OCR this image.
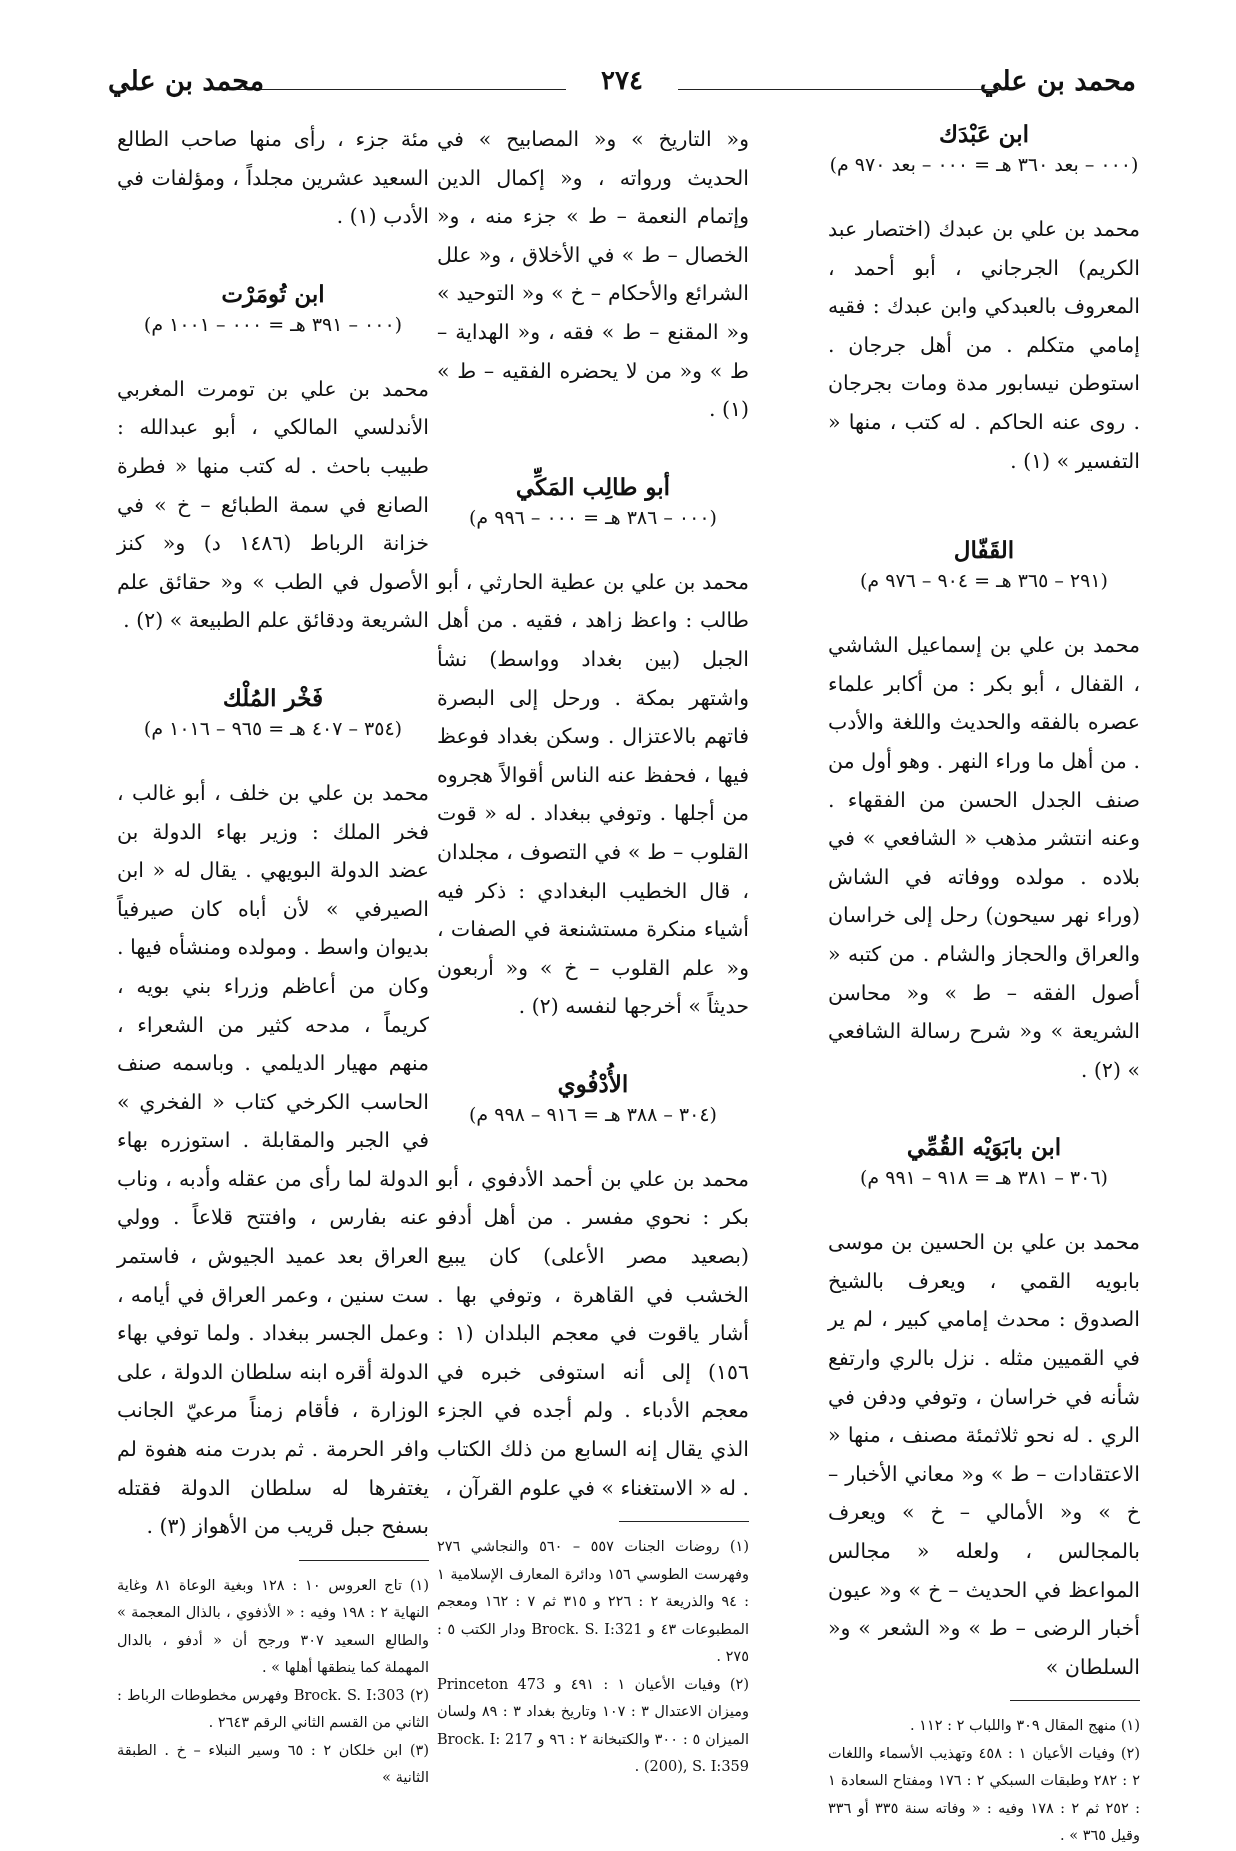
محمد بن علي
٢٧٤
محمد بن علي

ابن عَبْدَك

(٠٠٠ – بعد ٣٦٠ هـ = ٠٠٠ – بعد ٩٧٠ م)

محمد بن علي بن عبدك (اختصار عبد الكريم) الجرجاني ، أبو أحمد ، المعروف بالعبدكي وابن عبدك : فقيه إمامي متكلم . من أهل جرجان . استوطن نيسابور مدة ومات بجرجان . روى عنه الحاكم . له كتب ، منها « التفسير » (١) .

القَفّال

(٢٩١ – ٣٦٥ هـ = ٩٠٤ – ٩٧٦ م)

محمد بن علي بن إسماعيل الشاشي ، القفال ، أبو بكر : من أكابر علماء عصره بالفقه والحديث واللغة والأدب . من أهل ما وراء النهر . وهو أول من صنف الجدل الحسن من الفقهاء . وعنه انتشر مذهب « الشافعي » في بلاده . مولده ووفاته في الشاش (وراء نهر سيحون) رحل إلى خراسان والعراق والحجاز والشام . من كتبه « أصول الفقه – ط » و« محاسن الشريعة » و« شرح رسالة الشافعي » (٢) .

ابن بابَوَيْه القُمِّي

(٣٠٦ – ٣٨١ هـ = ٩١٨ – ٩٩١ م)

محمد بن علي بن الحسين بن موسى بابويه القمي ، ويعرف بالشيخ الصدوق : محدث إمامي كبير ، لم ير في القميين مثله . نزل بالري وارتفع شأنه في خراسان ، وتوفي ودفن في الري . له نحو ثلاثمئة مصنف ، منها « الاعتقادات – ط » و« معاني الأخبار – خ » و« الأمالي – خ » ويعرف بالمجالس ، ولعله « مجالس المواعظ في الحديث – خ » و« عيون أخبار الرضى – ط » و« الشعر » و« السلطان »

(١) منهج المقال ٣٠٩ واللباب ٢ : ١١٢ .

(٢) وفيات الأعيان ١ : ٤٥٨ وتهذيب الأسماء واللغات ٢ : ٢٨٢ وطبقات السبكي ٢ : ١٧٦ ومفتاح السعادة ١ : ٢٥٢ ثم ٢ : ١٧٨ وفيه : « وفاته سنة ٣٣٥ أو ٣٣٦ وقيل ٣٦٥ » .

و« التاريخ » و« المصابيح » في الحديث ورواته ، و« إكمال الدين وإتمام النعمة – ط » جزء منه ، و« الخصال – ط » في الأخلاق ، و« علل الشرائع والأحكام – خ » و« التوحيد » و« المقنع – ط » فقه ، و« الهداية – ط » و« من لا يحضره الفقيه – ط » (١) .

أبو طالِب المَكِّي

(٠٠٠ – ٣٨٦ هـ = ٠٠٠ – ٩٩٦ م)

محمد بن علي بن عطية الحارثي ، أبو طالب : واعظ زاهد ، فقيه . من أهل الجبل (بين بغداد وواسط) نشأ واشتهر بمكة . ورحل إلى البصرة فاتهم بالاعتزال . وسكن بغداد فوعظ فيها ، فحفظ عنه الناس أقوالاً هجروه من أجلها . وتوفي ببغداد . له « قوت القلوب – ط » في التصوف ، مجلدان ، قال الخطيب البغدادي : ذكر فيه أشياء منكرة مستشنعة في الصفات ، و« علم القلوب – خ » و« أربعون حديثاً » أخرجها لنفسه (٢) .

الأُدْفُوي

(٣٠٤ – ٣٨٨ هـ = ٩١٦ – ٩٩٨ م)

محمد بن علي بن أحمد الأدفوي ، أبو بكر : نحوي مفسر . من أهل أدفو (بصعيد مصر الأعلى) كان يبيع الخشب في القاهرة ، وتوفي بها . أشار ياقوت في معجم البلدان (١ : ١٥٦) إلى أنه استوفى خبره في معجم الأدباء . ولم أجده في الجزء الذي يقال إنه السابع من ذلك الكتاب . له « الاستغناء » في علوم القرآن ،

(١) روضات الجنات ٥٥٧ – ٥٦٠ والنجاشي ٢٧٦ وفهرست الطوسي ١٥٦ ودائرة المعارف الإسلامية ١ : ٩٤ والذريعة ٢ : ٢٢٦ و ٣١٥ ثم ٧ : ١٦٢ ومعجم المطبوعات ٤٣ و Brock. S. I:321 ودار الكتب ٥ : ٢٧٥ .

(٢) وفيات الأعيان ١ : ٤٩١ و Princeton 473 وميزان الاعتدال ٣ : ١٠٧ وتاريخ بغداد ٣ : ٨٩ ولسان الميزان ٥ : ٣٠٠ والكتبخانة ٢ : ٩٦ و Brock. I: 217 (200), S. I:359 .

مئة جزء ، رأى منها صاحب الطالع السعيد عشرين مجلداً ، ومؤلفات في الأدب (١) .

ابن تُومَرْت

(٠٠٠ – ٣٩١ هـ = ٠٠٠ – ١٠٠١ م)

محمد بن علي بن تومرت المغربي الأندلسي المالكي ، أبو عبدالله : طبيب باحث . له كتب منها « فطرة الصانع في سمة الطبائع – خ » في خزانة الرباط (١٤٨٦ د) و« كنز الأصول في الطب » و« حقائق علم الشريعة ودقائق علم الطبيعة » (٢) .

فَخْر المُلْك

(٣٥٤ – ٤٠٧ هـ = ٩٦٥ – ١٠١٦ م)

محمد بن علي بن خلف ، أبو غالب ، فخر الملك : وزير بهاء الدولة بن عضد الدولة البويهي . يقال له « ابن الصيرفي » لأن أباه كان صيرفياً بديوان واسط . ومولده ومنشأه فيها . وكان من أعاظم وزراء بني بويه ، كريماً ، مدحه كثير من الشعراء ، منهم مهيار الديلمي . وباسمه صنف الحاسب الكرخي كتاب « الفخري » في الجبر والمقابلة . استوزره بهاء الدولة لما رأى من عقله وأدبه ، وناب عنه بفارس ، وافتتح قلاعاً . وولي العراق بعد عميد الجيوش ، فاستمر ست سنين ، وعمر العراق في أيامه ، وعمل الجسر ببغداد . ولما توفي بهاء الدولة أقره ابنه سلطان الدولة ، على الوزارة ، فأقام زمناً مرعيّ الجانب وافر الحرمة . ثم بدرت منه هفوة لم يغتفرها له سلطان الدولة فقتله بسفح جبل قريب من الأهواز (٣) .

(١) تاج العروس ١٠ : ١٢٨ وبغية الوعاة ٨١ وغاية النهاية ٢ : ١٩٨ وفيه : « الأذفوي ، بالذال المعجمة » والطالع السعيد ٣٠٧ ورجح أن « أدفو ، بالدال المهملة كما ينطقها أهلها » .

(٢) Brock. S. I:303 وفهرس مخطوطات الرباط : الثاني من القسم الثاني الرقم ٢٦٤٣ .

(٣) ابن خلكان ٢ : ٦٥ وسير النبلاء – خ . الطبقة الثانية »
